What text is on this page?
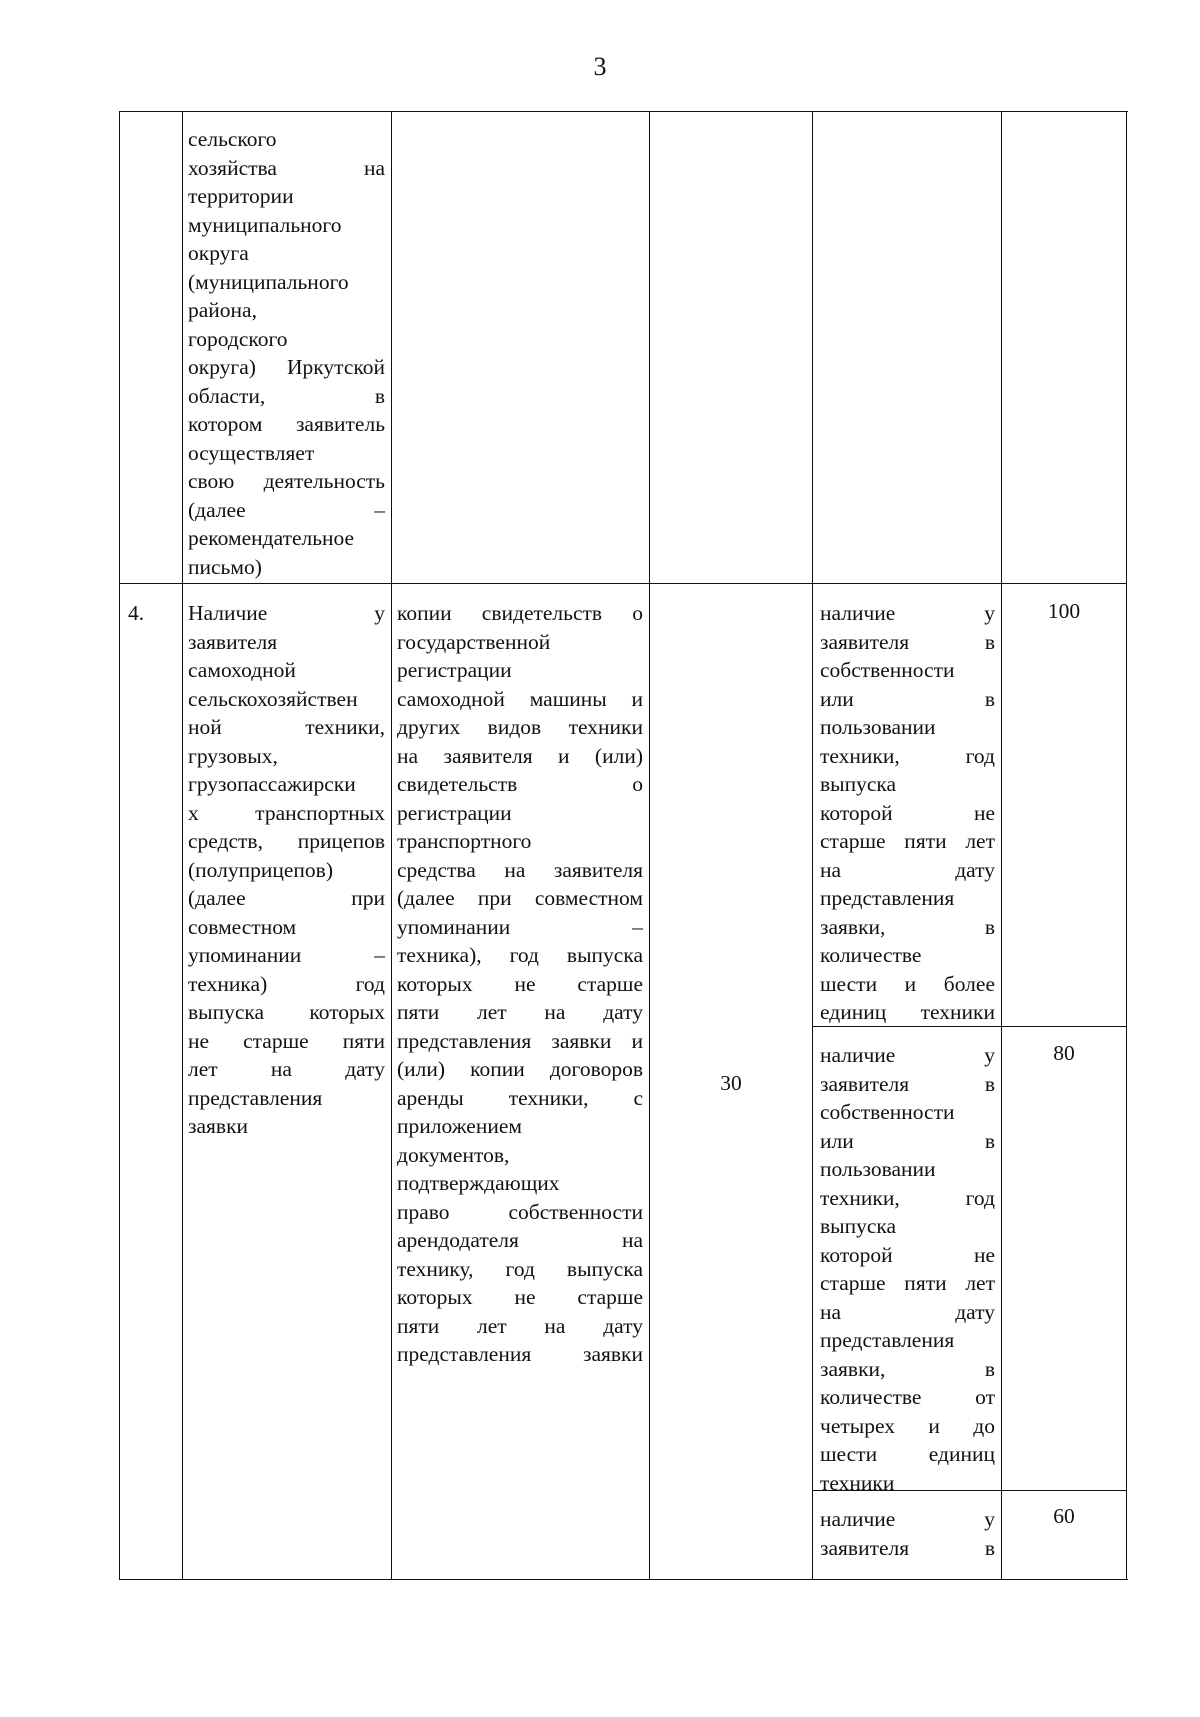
3
сельского
хозяйства на
территории
муниципального
округа
(муниципального
района,
городского
округа) Иркутской
области, в
котором заявитель
осуществляет
свою деятельность
(далее –
рекомендательное
письмо)
4.	Наличие у
заявителя
самоходной
сельскохозяйствен
ной техники,
грузовых,
грузопассажирски
х транспортных
средств, прицепов
(полуприцепов)
(далее при
совместном
упоминании –
техника) год
выпуска которых
не старше пяти
лет на дату
представления
заявки
копии свидетельств о
государственной
регистрации
самоходной машины и
других видов техники
на заявителя и (или)
свидетельств о
регистрации
транспортного
средства на заявителя
(далее при совместном
упоминании –
техника), год выпуска
которых не старше
пяти лет на дату
представления заявки и
(или) копии договоров
аренды техники, с
приложением
документов,
подтверждающих
право собственности
арендодателя на
технику, год выпуска
которых не старше
пяти лет на дату
представления заявки
30
наличие у
заявителя в
собственности
или в
пользовании
техники, год
выпуска
которой не
старше пяти лет
на дату
представления
заявки, в
количестве
шести и более
единиц техники
100
наличие у
заявителя в
собственности
или в
пользовании
техники, год
выпуска
которой не
старше пяти лет
на дату
представления
заявки, в
количестве от
четырех и до
шести единиц
техники
80
наличие у
заявителя в
60
